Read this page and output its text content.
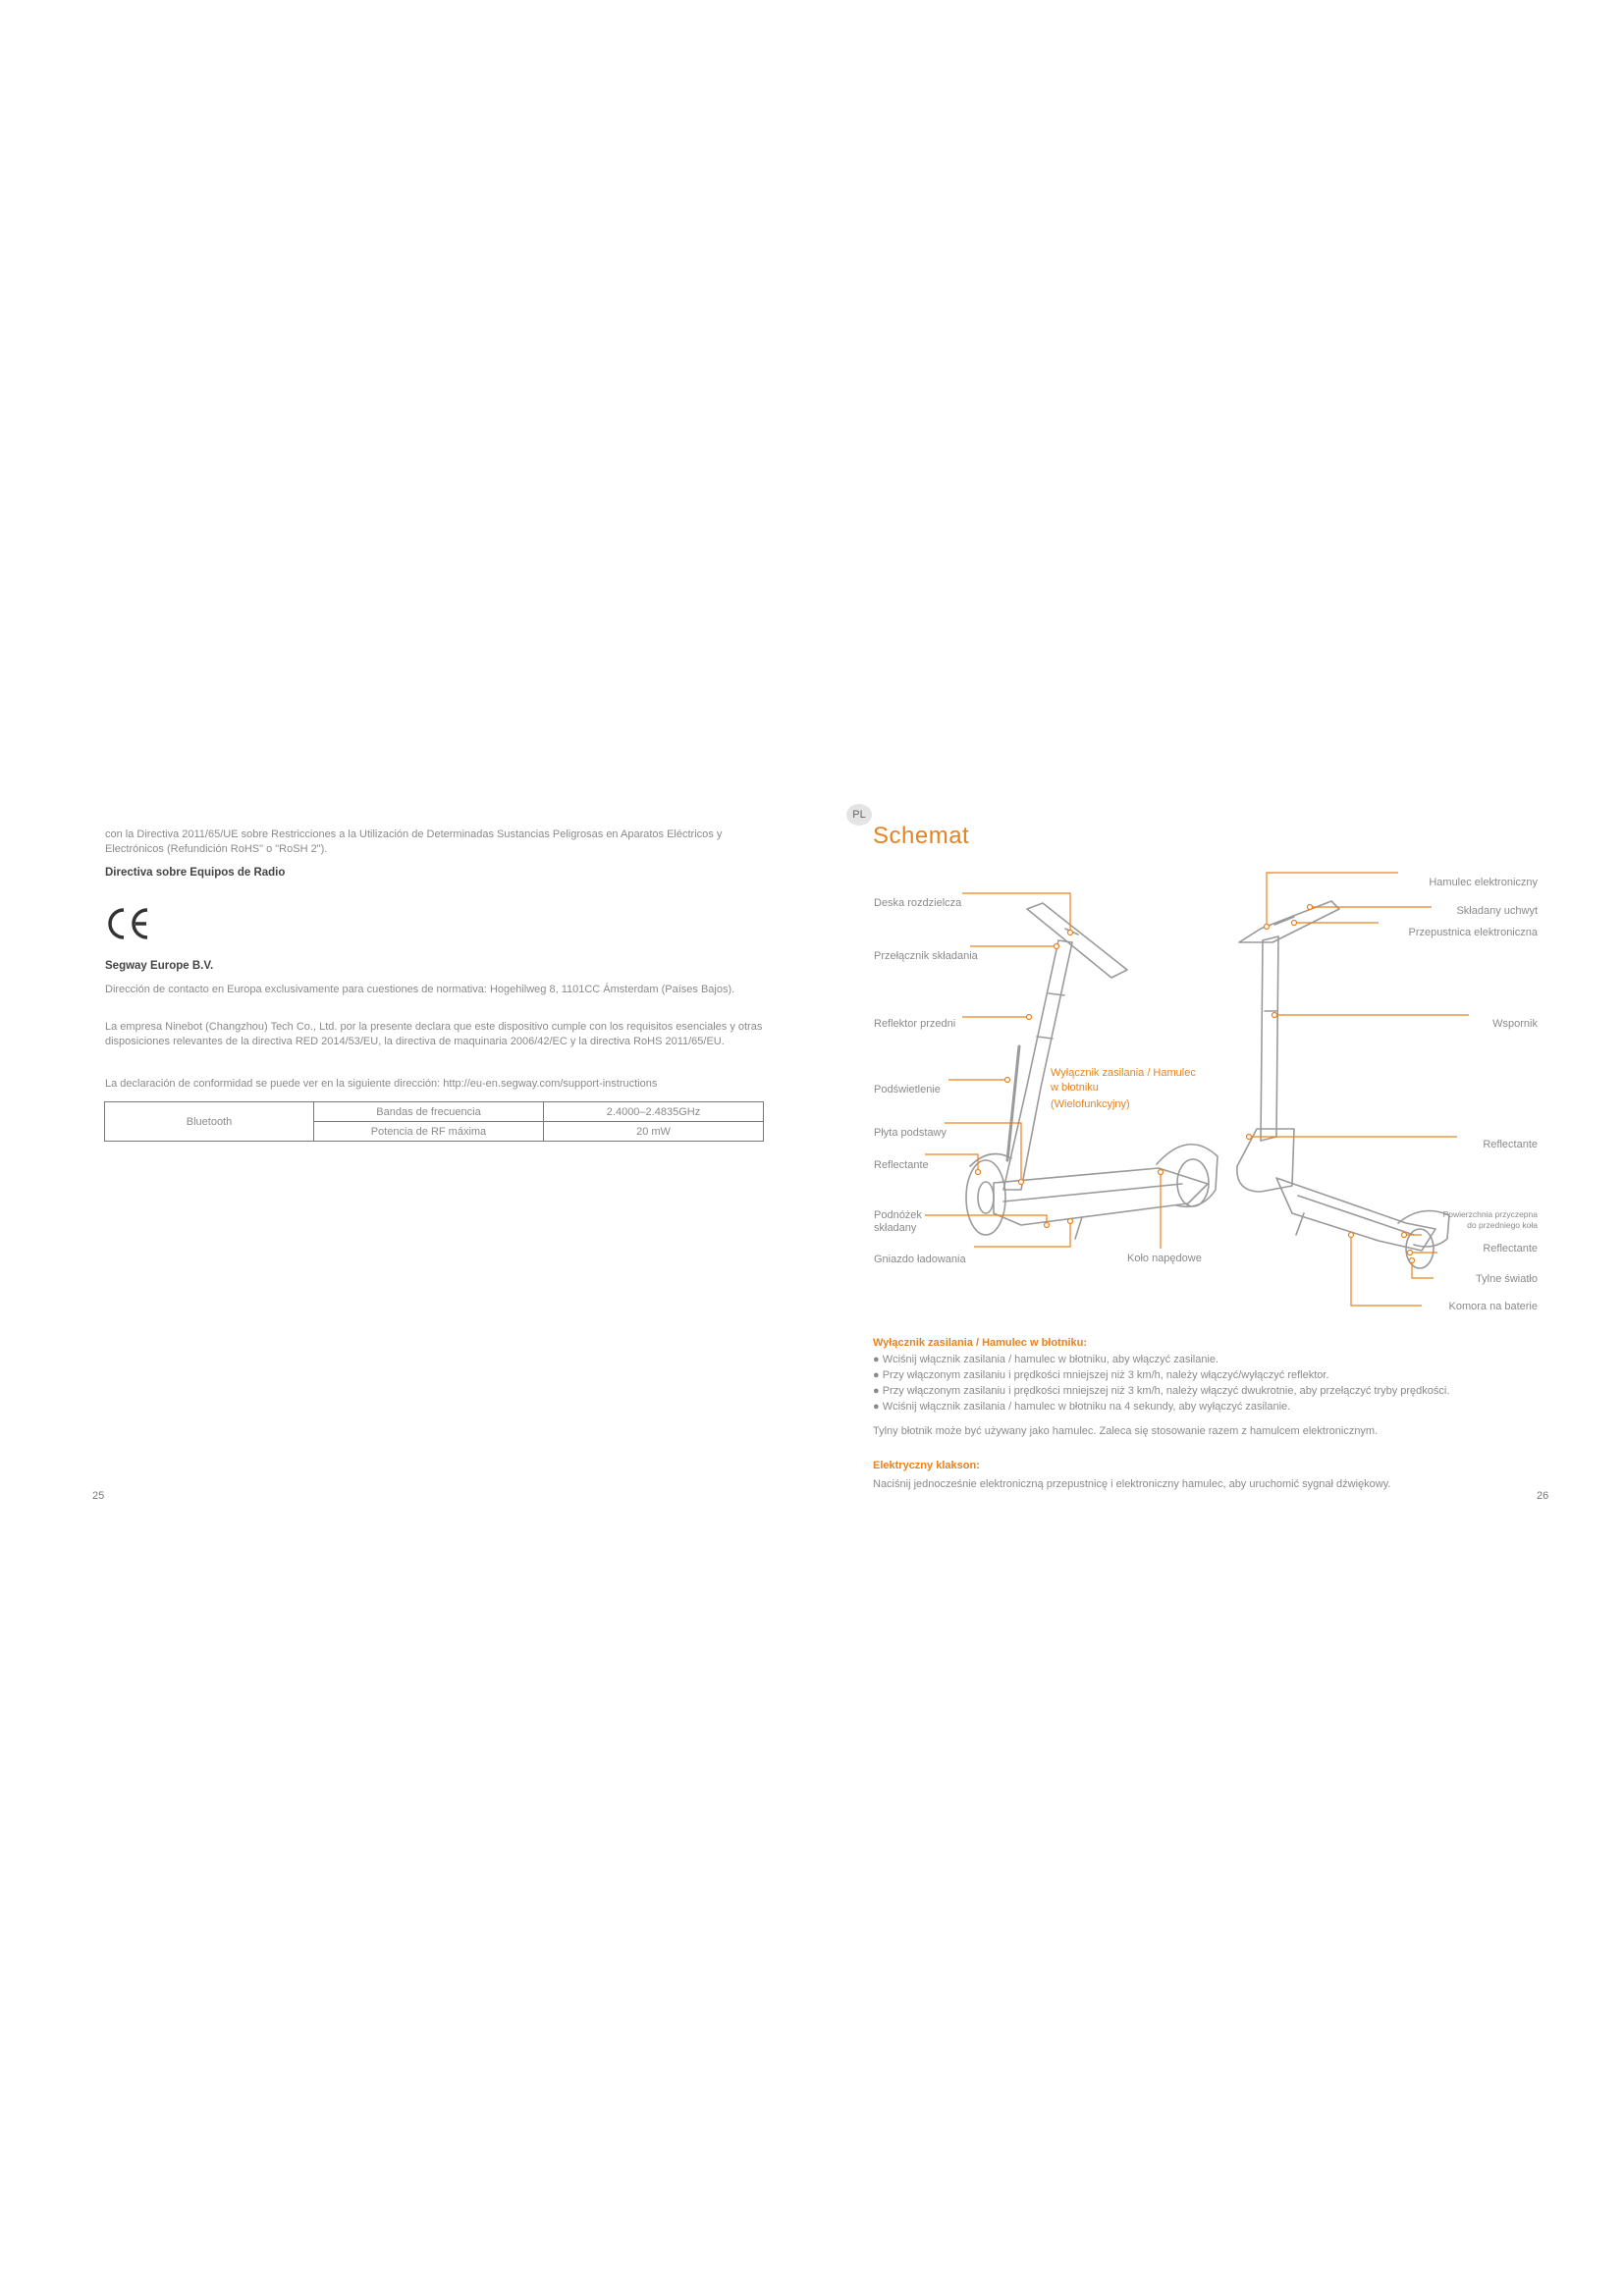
con la Directiva 2011/65/UE sobre Restricciones a la Utilización de Determinadas Sustancias Peligrosas en Aparatos Eléctricos y Electrónicos (Refundición RoHS" o "RoSH 2").
Directiva sobre Equipos de Radio
Segway Europe B.V.
Dirección de contacto en Europa exclusivamente para cuestiones de normativa: Hogehilweg 8, 1101CC Ámsterdam (Países Bajos).
La empresa Ninebot (Changzhou) Tech Co., Ltd. por la presente declara que este dispositivo cumple con los requisitos esenciales y otras disposiciones relevantes de la directiva RED 2014/53/EU, la directiva de maquinaria 2006/42/EC y la directiva RoHS 2011/65/EU.
La declaración de conformidad se puede ver en la siguiente dirección: http://eu-en.segway.com/support-instructions
Bluetooth	Bandas de frecuencia	2.4000–2.4835GHz
	Potencia de RF máxima	20 mW
25
PL
Schemat
Deska rozdzielcza
Przełącznik składania
Reflektor przedni
Podświetlenie
Płyta podstawy
Reflectante
Podnóżek
składany
Gniazdo ładowania	Koło napędowe
Wyłącznik zasilania / Hamulec
w błotniku
(Wielofunkcyjny)
Hamulec elektroniczny
Składany uchwyt
Przepustnica elektroniczna
Wspornik
Reflectante
Powierzchnia przyczepna
do przedniego koła
Reflectante
Tylne światło
Komora na baterie
Wyłącznik zasilania / Hamulec w błotniku:
● Wciśnij włącznik zasilania / hamulec w błotniku, aby włączyć zasilanie.
● Przy włączonym zasilaniu i prędkości mniejszej niż 3 km/h, należy włączyć/wyłączyć reflektor.
● Przy włączonym zasilaniu i prędkości mniejszej niż 3 km/h, należy włączyć dwukrotnie, aby przełączyć tryby prędkości.
● Wciśnij włącznik zasilania / hamulec w błotniku na 4 sekundy, aby wyłączyć zasilanie.
Tylny błotnik może być używany jako hamulec. Zaleca się stosowanie razem z hamulcem elektronicznym.
Elektryczny klakson:
Naciśnij jednocześnie elektroniczną przepustnicę i elektroniczny hamulec, aby uruchomić sygnał dźwiękowy.
26
